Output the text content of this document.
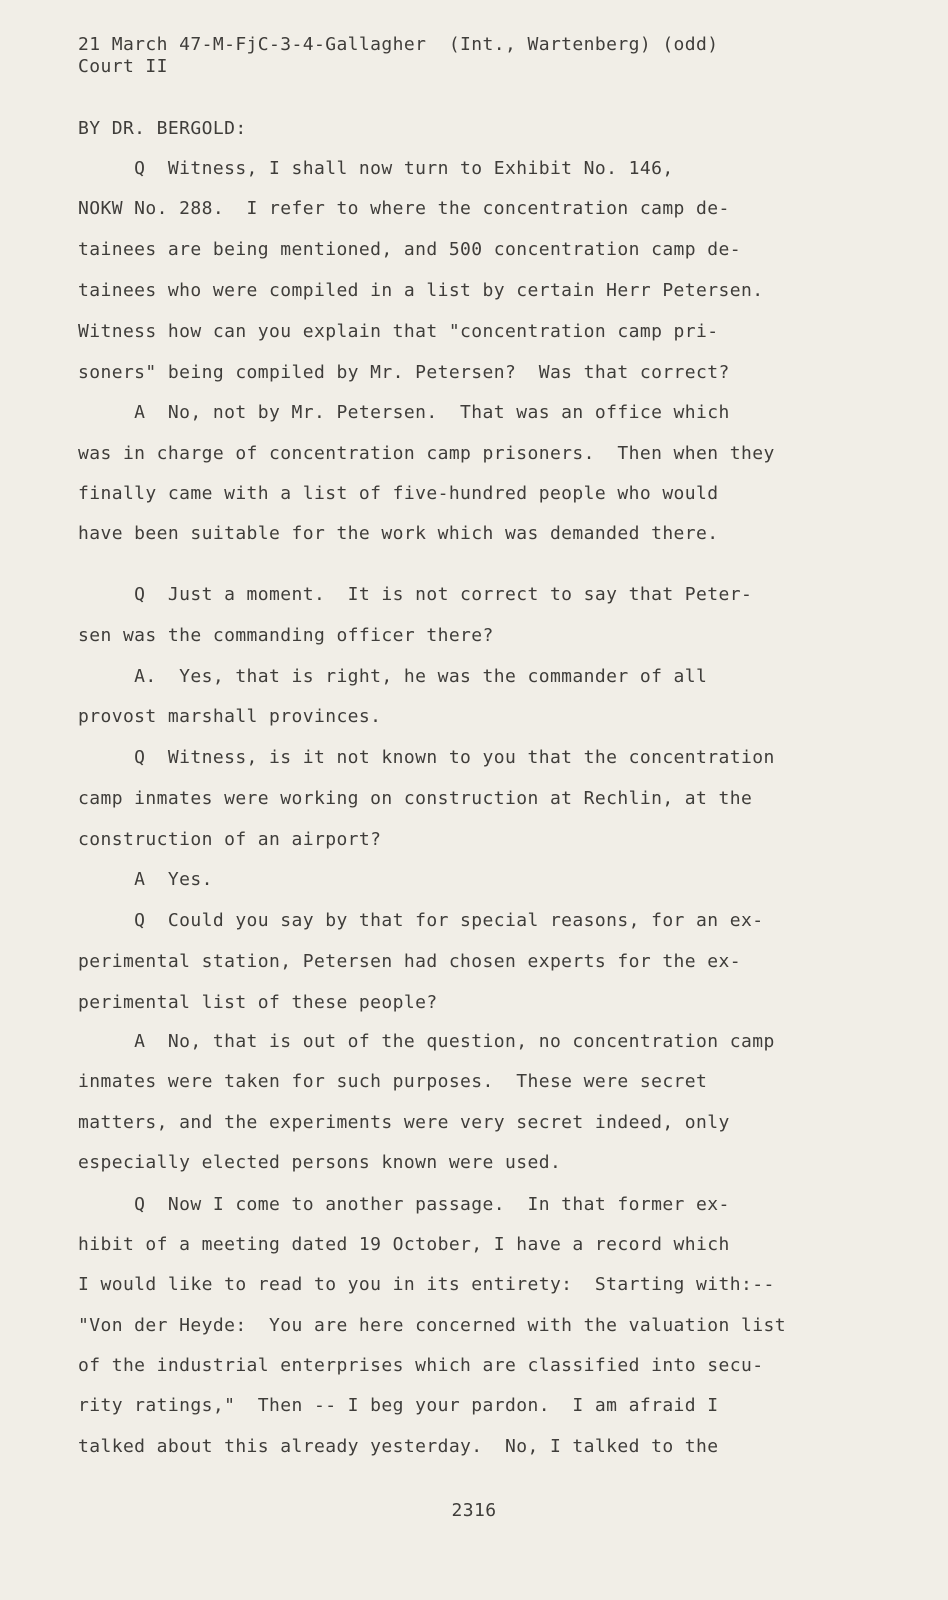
21 March 47-M-FjC-3-4-Gallagher  (Int., Wartenberg) (odd)
Court II
BY DR. BERGOLD:
Q  Witness, I shall now turn to Exhibit No. 146,
NOKW No. 288.  I refer to where the concentration camp de-
tainees are being mentioned, and 500 concentration camp de-
tainees who were compiled in a list by certain Herr Petersen.
Witness how can you explain that "concentration camp pri-
soners" being compiled by Mr. Petersen?  Was that correct?
A  No, not by Mr. Petersen.  That was an office which
was in charge of concentration camp prisoners.  Then when they
finally came with a list of five-hundred people who would
have been suitable for the work which was demanded there.
Q  Just a moment.  It is not correct to say that Peter-
sen was the commanding officer there?
A.  Yes, that is right, he was the commander of all
provost marshall provinces.
Q  Witness, is it not known to you that the concentration
camp inmates were working on construction at Rechlin, at the
construction of an airport?
A  Yes.
Q  Could you say by that for special reasons, for an ex-
perimental station, Petersen had chosen experts for the ex-
perimental list of these people?
A  No, that is out of the question, no concentration camp
inmates were taken for such purposes.  These were secret
matters, and the experiments were very secret indeed, only
especially elected persons known were used.
Q  Now I come to another passage.  In that former ex-
hibit of a meeting dated 19 October, I have a record which
I would like to read to you in its entirety:  Starting with:--
"Von der Heyde:  You are here concerned with the valuation list
of the industrial enterprises which are classified into secu-
rity ratings,"  Then -- I beg your pardon.  I am afraid I
talked about this already yesterday.  No, I talked to the
2316
